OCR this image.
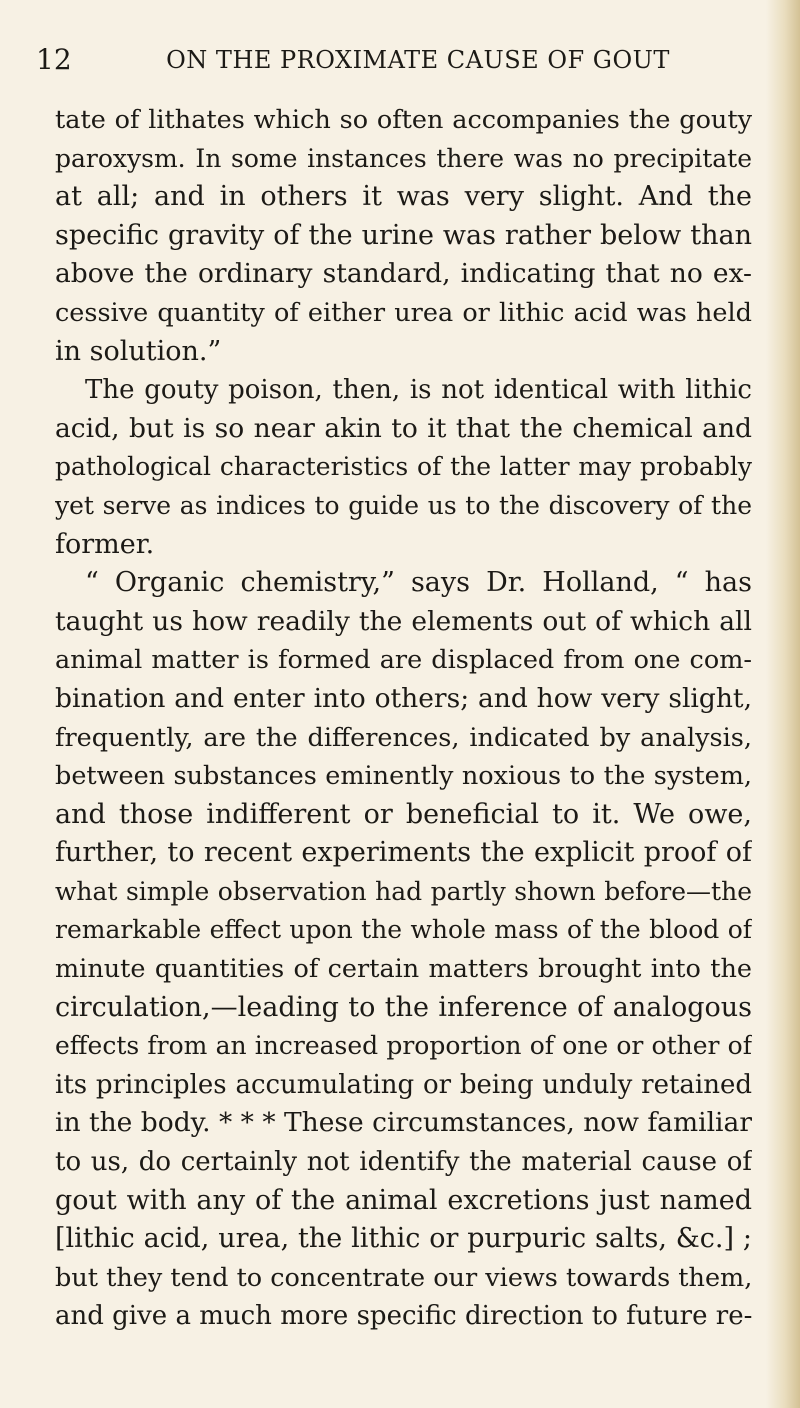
12	ON THE PROXIMATE CAUSE OF GOUT
tate of lithates which so often accompanies the gouty
paroxysm. In some instances there was no precipitate
at all; and in others it was very slight. And the
specific gravity of the urine was rather below than
above the ordinary standard, indicating that no ex-
cessive quantity of either urea or lithic acid was held
in solution.”
The gouty poison, then, is not identical with lithic
acid, but is so near akin to it that the chemical and
pathological characteristics of the latter may probably
yet serve as indices to guide us to the discovery of the
former.
“ Organic chemistry,” says Dr. Holland, “ has
taught us how readily the elements out of which all
animal matter is formed are displaced from one com-
bination and enter into others; and how very slight,
frequently, are the differences, indicated by analysis,
between substances eminently noxious to the system,
and those indifferent or beneficial to it. We owe,
further, to recent experiments the explicit proof of
what simple observation had partly shown before—the
remarkable effect upon the whole mass of the blood of
minute quantities of certain matters brought into the
circulation,—leading to the inference of analogous
effects from an increased proportion of one or other of
its principles accumulating or being unduly retained
in the body. * * * These circumstances, now familiar
to us, do certainly not identify the material cause of
gout with any of the animal excretions just named
[lithic acid, urea, the lithic or purpuric salts, &c.] ;
but they tend to concentrate our views towards them,
and give a much more specific direction to future re-
